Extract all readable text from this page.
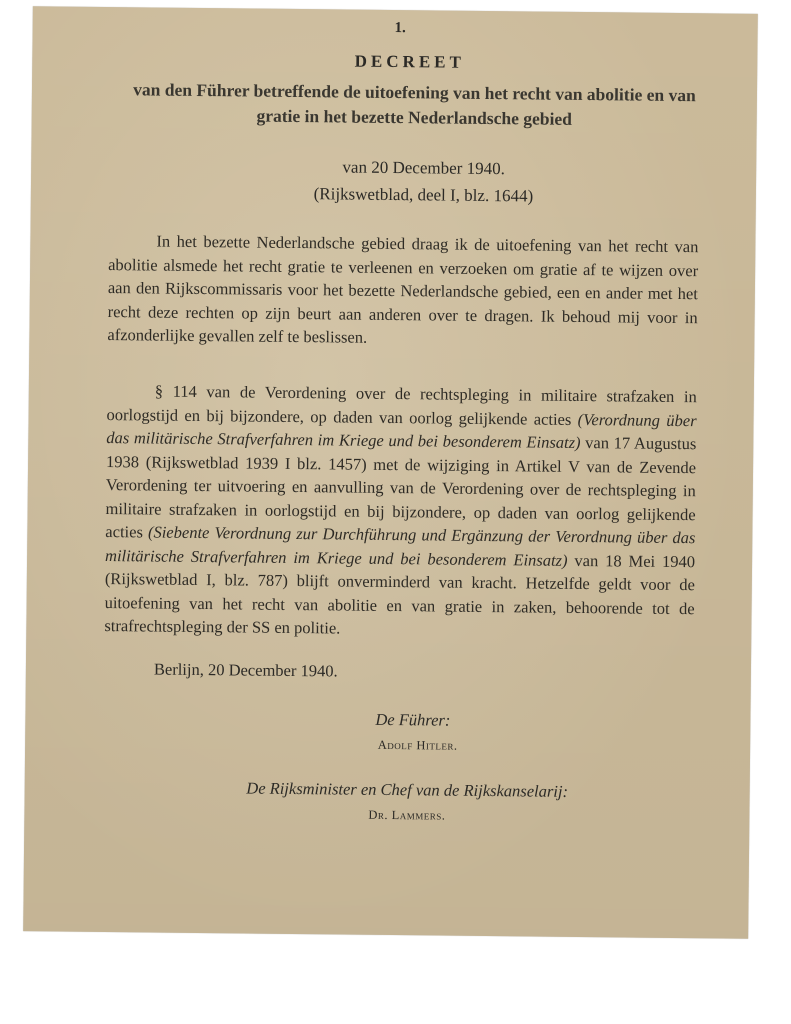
1.
DECREET
van den Führer betreffende de uitoefening van het recht van abolitie en van gratie in het bezette Nederlandsche gebied
van 20 December 1940.
(Rijkswetblad, deel I, blz. 1644)
In het bezette Nederlandsche gebied draag ik de uitoefening van het recht van abolitie alsmede het recht gratie te verleenen en verzoeken om gratie af te wijzen over aan den Rijkscommissaris voor het bezette Nederlandsche gebied, een en ander met het recht deze rechten op zijn beurt aan anderen over te dragen. Ik behoud mij voor in afzonderlijke gevallen zelf te beslissen.
§ 114 van de Verordening over de rechtspleging in militaire strafzaken in oorlogstijd en bij bijzondere, op daden van oorlog gelijkende acties (Verordnung über das militärische Strafverfahren im Kriege und bei besonderem Einsatz) van 17 Augustus 1938 (Rijkswetblad 1939 I blz. 1457) met de wijziging in Artikel V van de Zevende Verordening ter uitvoering en aanvulling van de Verordening over de rechtspleging in militaire strafzaken in oorlogstijd en bij bijzondere, op daden van oorlog gelijkende acties (Siebente Verordnung zur Durchführung und Ergänzung der Verordnung über das militärische Strafverfahren im Kriege und bei besonderem Einsatz) van 18 Mei 1940 (Rijkswetblad I, blz. 787) blijft onverminderd van kracht. Hetzelfde geldt voor de uitoefening van het recht van abolitie en van gratie in zaken, behoorende tot de strafrechtspleging der SS en politie.
Berlijn, 20 December 1940.
De Führer:
Adolf Hitler.
De Rijksminister en Chef van de Rijkskanselarij:
Dr. Lammers.
